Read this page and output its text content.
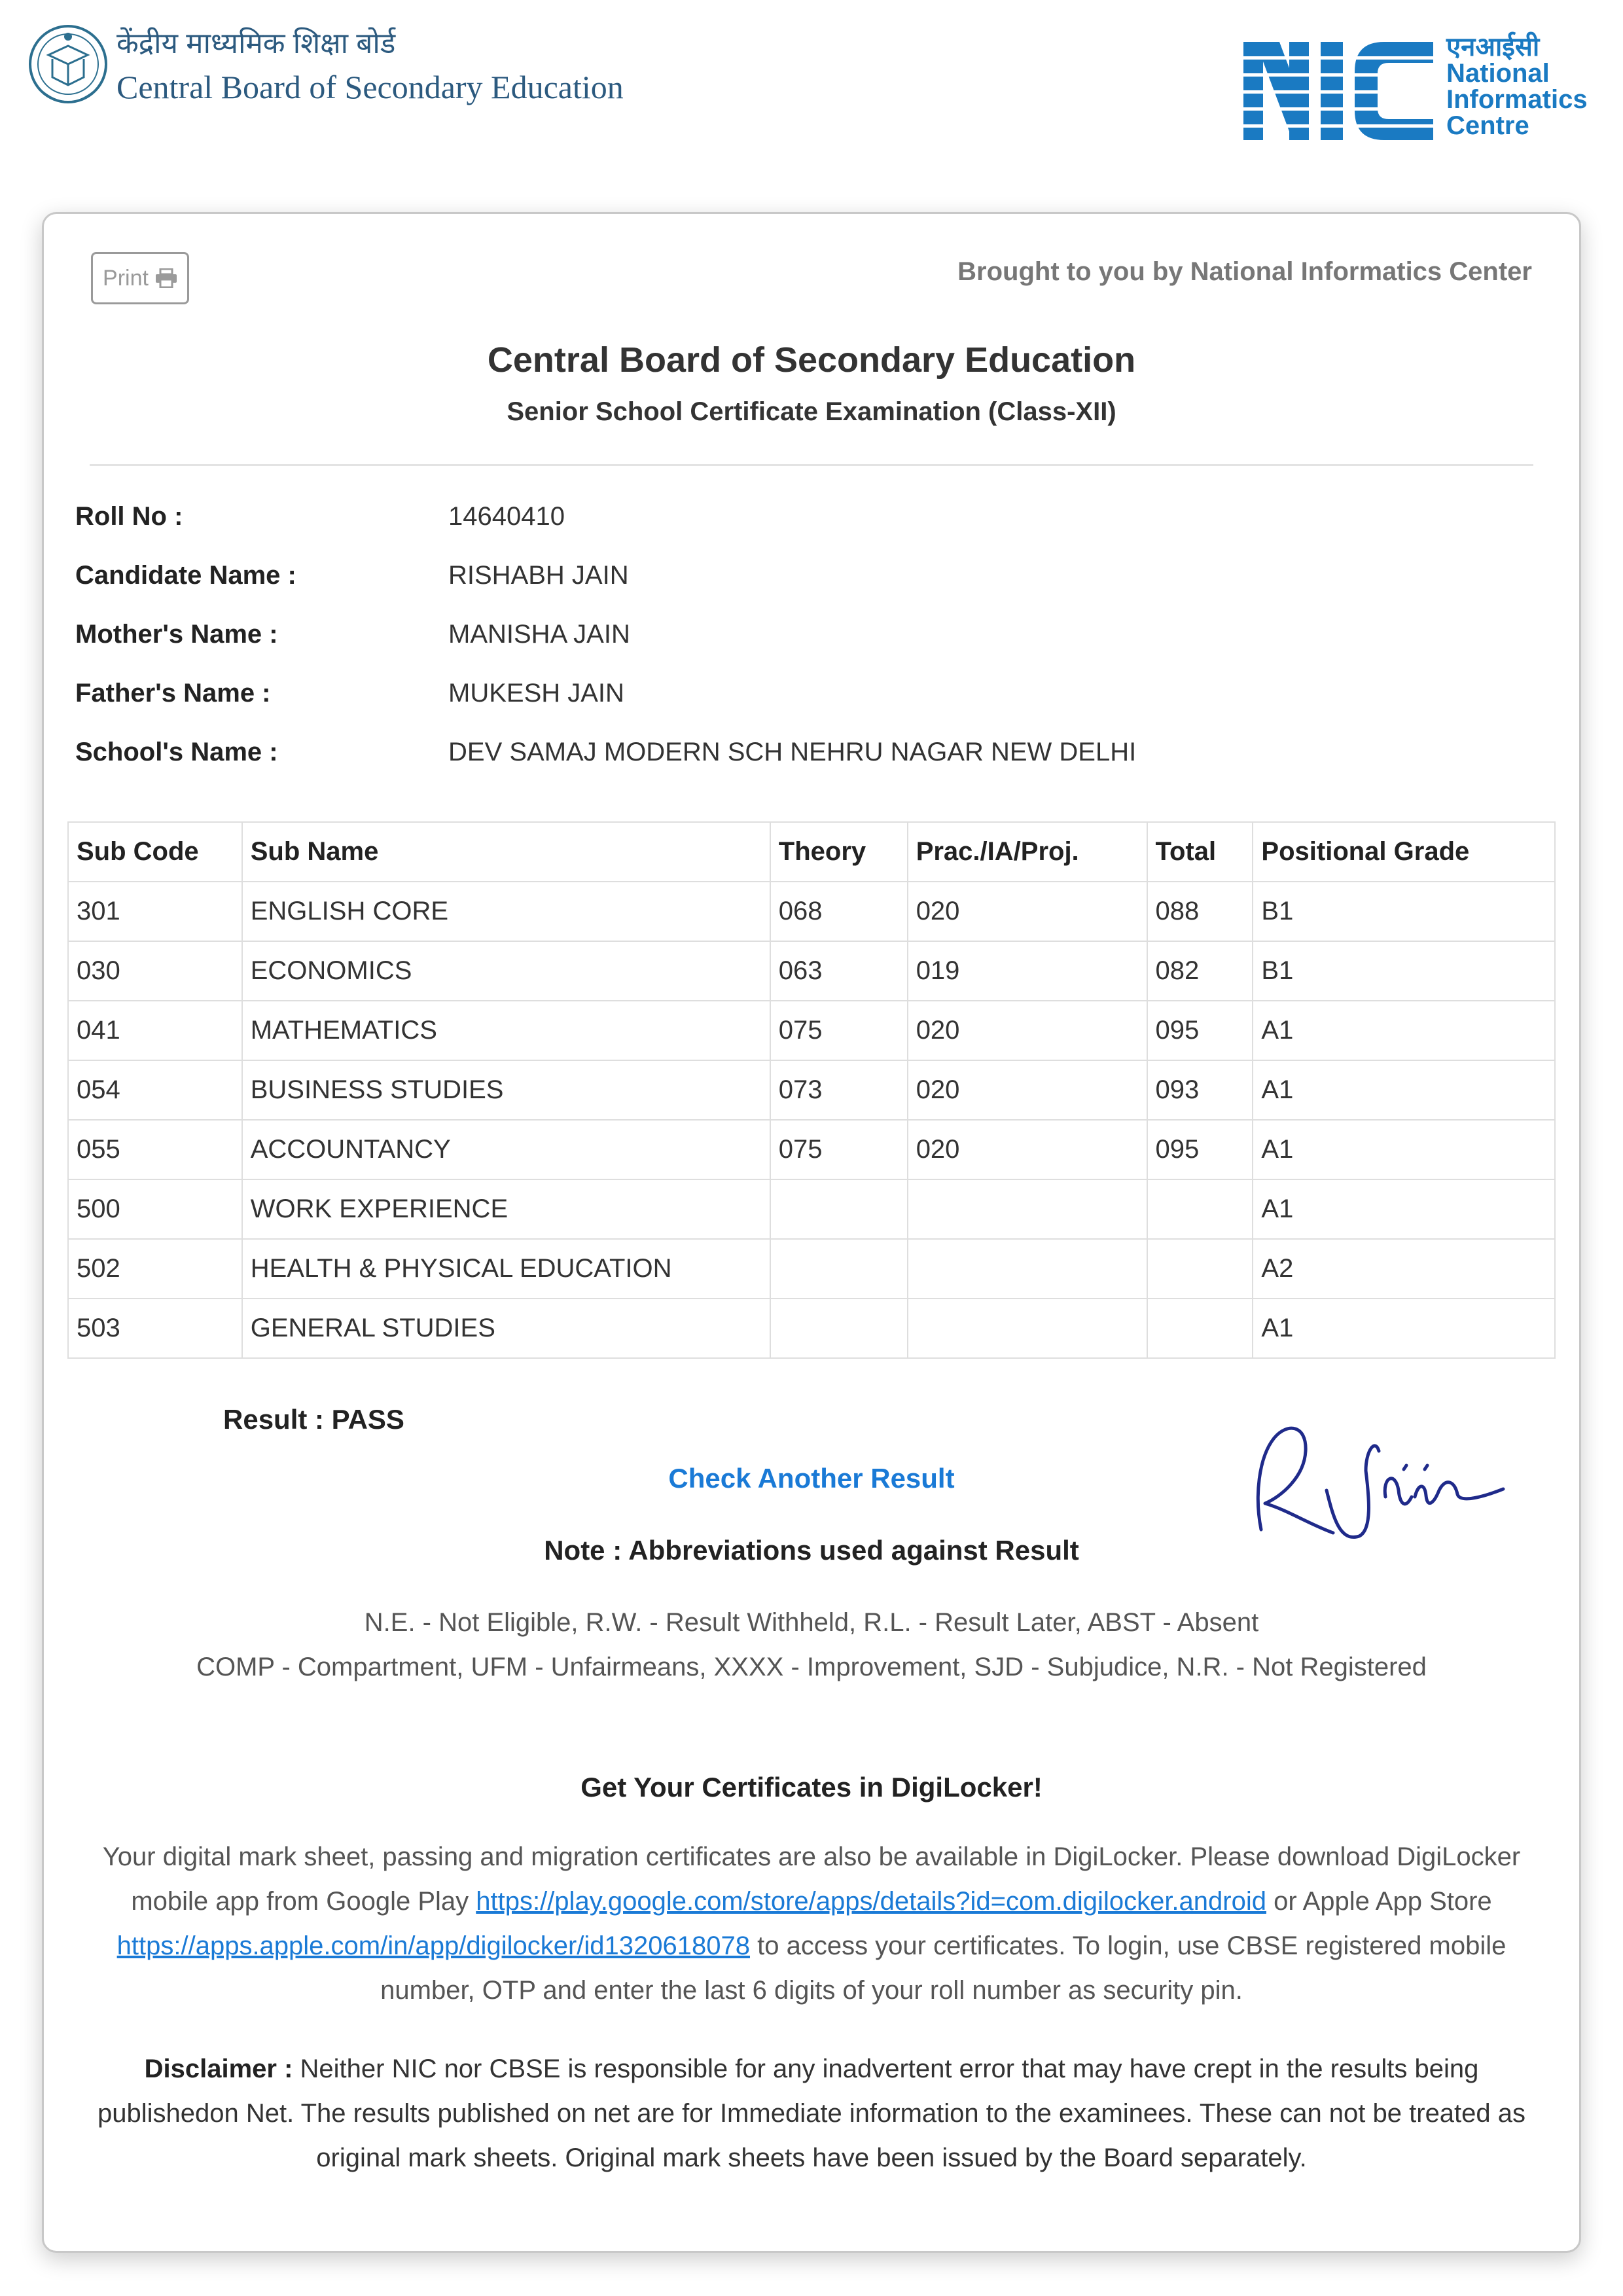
केंद्रीय माध्यमिक शिक्षा बोर्ड
Central Board of Secondary Education
एनआईसी
National
Informatics
Centre
Print	Brought to you by National Informatics Center
Central Board of Secondary Education
Senior School Certificate Examination (Class-XII)
Roll No :	14640410
Candidate Name :	RISHABH JAIN
Mother's Name :	MANISHA JAIN
Father's Name :	MUKESH JAIN
School's Name :	DEV SAMAJ MODERN SCH NEHRU NAGAR NEW DELHI
Sub Code	Sub Name	Theory	Prac./IA/Proj.	Total	Positional Grade
301	ENGLISH CORE	068	020	088	B1
030	ECONOMICS	063	019	082	B1
041	MATHEMATICS	075	020	095	A1
054	BUSINESS STUDIES	073	020	093	A1
055	ACCOUNTANCY	075	020	095	A1
500	WORK EXPERIENCE				A1
502	HEALTH & PHYSICAL EDUCATION				A2
503	GENERAL STUDIES				A1
Result : PASS
Check Another Result
Note : Abbreviations used against Result
N.E. - Not Eligible, R.W. - Result Withheld, R.L. - Result Later, ABST - Absent
COMP - Compartment, UFM - Unfairmeans, XXXX - Improvement, SJD - Subjudice, N.R. - Not Registered
Get Your Certificates in DigiLocker!
Your digital mark sheet, passing and migration certificates are also be available in DigiLocker. Please download DigiLocker mobile app from Google Play https://play.google.com/store/apps/details?id=com.digilocker.android or Apple App Store https://apps.apple.com/in/app/digilocker/id1320618078 to access your certificates. To login, use CBSE registered mobile number, OTP and enter the last 6 digits of your roll number as security pin.
Disclaimer : Neither NIC nor CBSE is responsible for any inadvertent error that may have crept in the results being publishedon Net. The results published on net are for Immediate information to the examinees. These can not be treated as original mark sheets. Original mark sheets have been issued by the Board separately.
